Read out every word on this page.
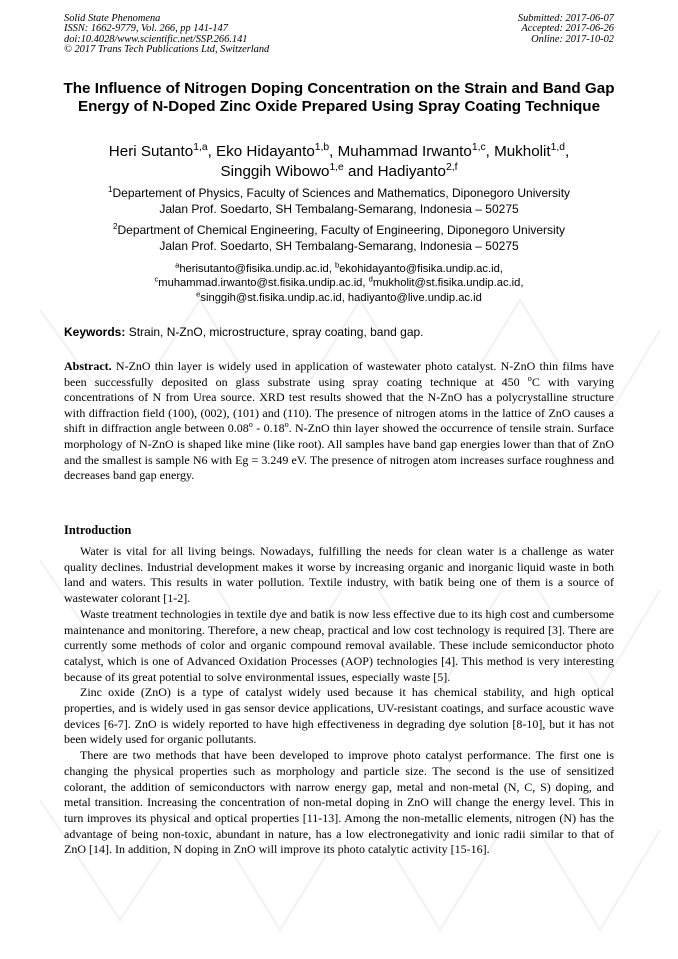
Solid State Phenomena
ISSN: 1662-9779, Vol. 266, pp 141-147
doi:10.4028/www.scientific.net/SSP.266.141
© 2017 Trans Tech Publications Ltd, Switzerland
Submitted: 2017-06-07
Accepted: 2017-06-26
Online: 2017-10-02
The Influence of Nitrogen Doping Concentration on the Strain and Band Gap Energy of N-Doped Zinc Oxide Prepared Using Spray Coating Technique
Heri Sutanto$^{1,a}$, Eko Hidayanto$^{1,b}$, Muhammad Irwanto$^{1,c}$, Mukholit$^{1,d}$,
Singgih Wibowo$^{1,e}$ and Hadiyanto$^{2,f}$
$^1$Departement of Physics, Faculty of Sciences and Mathematics, Diponegoro University
Jalan Prof. Soedarto, SH Tembalang-Semarang, Indonesia – 50275
$^2$Department of Chemical Engineering, Faculty of Engineering, Diponegoro University
Jalan Prof. Soedarto, SH Tembalang-Semarang, Indonesia – 50275
$^a$herisutanto@fisika.undip.ac.id, $^b$ekohidayanto@fisika.undip.ac.id,
$^c$muhammad.irwanto@st.fisika.undip.ac.id, $^d$mukholit@st.fisika.undip.ac.id,
$^e$singgih@st.fisika.undip.ac.id, hadiyanto@live.undip.ac.id
Keywords: Strain, N-ZnO, microstructure, spray coating, band gap.
Abstract. N-ZnO thin layer is widely used in application of wastewater photo catalyst. N-ZnO thin films have been successfully deposited on glass substrate using spray coating technique at 450 $^o$C with varying concentrations of N from Urea source. XRD test results showed that the N-ZnO has a polycrystalline structure with diffraction field (100), (002), (101) and (110). The presence of nitrogen atoms in the lattice of ZnO causes a shift in diffraction angle between 0.08$^o$ - 0.18$^o$. N-ZnO thin layer showed the occurrence of tensile strain. Surface morphology of N-ZnO is shaped like mine (like root). All samples have band gap energies lower than that of ZnO and the smallest is sample N6 with Eg = 3.249 eV. The presence of nitrogen atom increases surface roughness and decreases band gap energy.
Introduction

Water is vital for all living beings. Nowadays, fulfilling the needs for clean water is a challenge as water quality declines. Industrial development makes it worse by increasing organic and inorganic liquid waste in both land and waters. This results in water pollution. Textile industry, with batik being one of them is a source of wastewater colorant [1-2].

Waste treatment technologies in textile dye and batik is now less effective due to its high cost and cumbersome maintenance and monitoring. Therefore, a new cheap, practical and low cost technology is required [3]. There are currently some methods of color and organic compound removal available. These include semiconductor photo catalyst, which is one of Advanced Oxidation Processes (AOP) technologies [4]. This method is very interesting because of its great potential to solve environmental issues, especially waste [5].

Zinc oxide (ZnO) is a type of catalyst widely used because it has chemical stability, and high optical properties, and is widely used in gas sensor device applications, UV-resistant coatings, and surface acoustic wave devices [6-7]. ZnO is widely reported to have high effectiveness in degrading dye solution [8-10], but it has not been widely used for organic pollutants.

There are two methods that have been developed to improve photo catalyst performance. The first one is changing the physical properties such as morphology and particle size. The second is the use of sensitized colorant, the addition of semiconductors with narrow energy gap, metal and non-metal (N, C, S) doping, and metal transition. Increasing the concentration of non-metal doping in ZnO will change the energy level. This in turn improves its physical and optical properties [11-13]. Among the non-metallic elements, nitrogen (N) has the advantage of being non-toxic, abundant in nature, has a low electronegativity and ionic radii similar to that of ZnO [14]. In addition, N doping in ZnO will improve its photo catalytic activity [15-16].
